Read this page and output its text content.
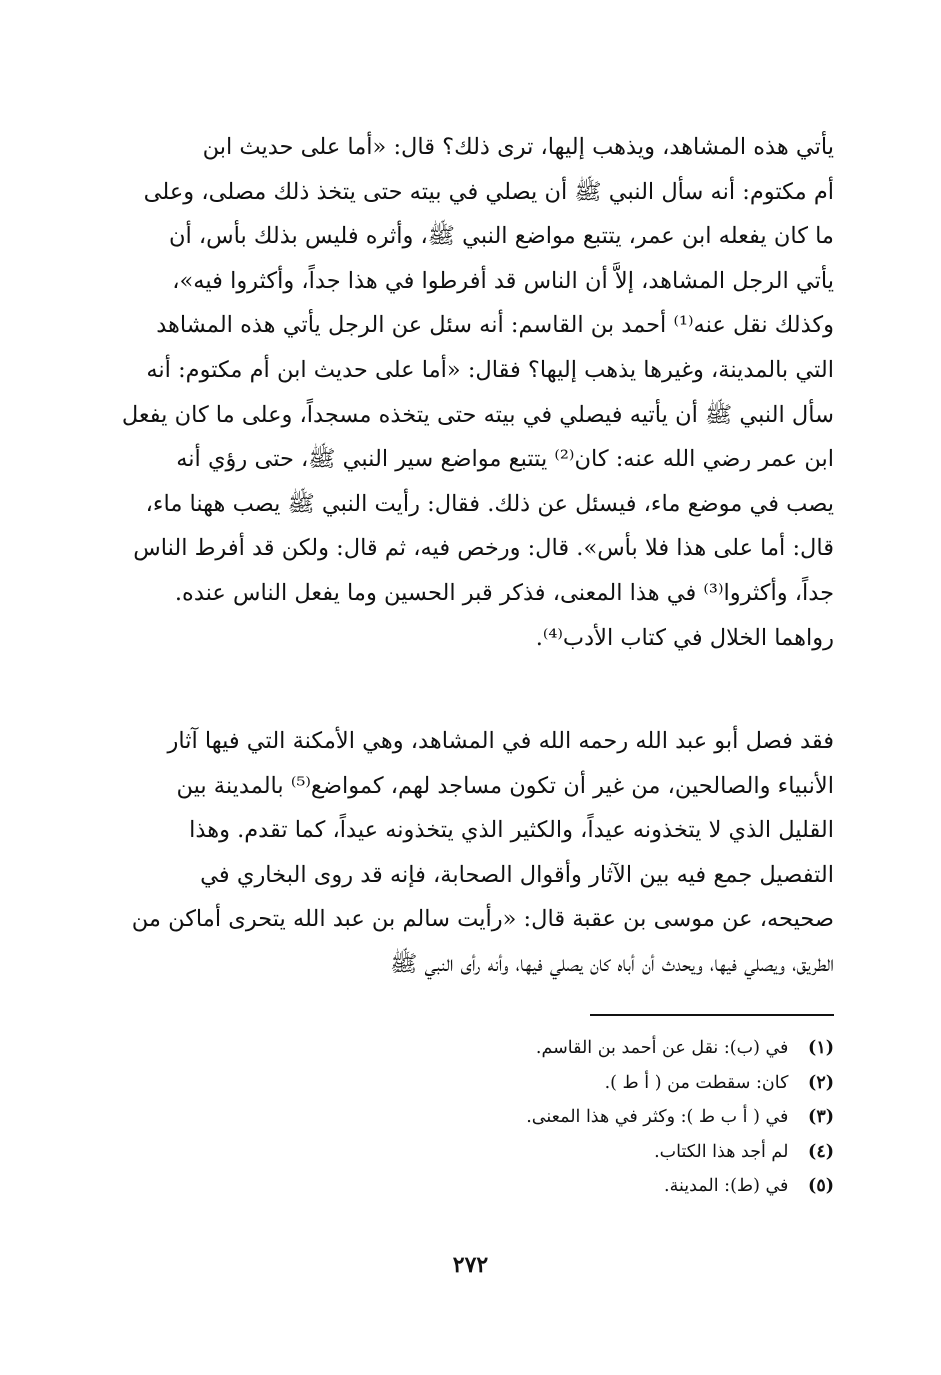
يأتي هذه المشاهد، ويذهب إليها، ترى ذلك؟ قال: «أما على حديث ابن
أم مكتوم: أنه سأل النبي ﷺ أن يصلي في بيته حتى يتخذ ذلك مصلى، وعلى
ما كان يفعله ابن عمر، يتتبع مواضع النبي ﷺ، وأثره فليس بذلك بأس، أن
يأتي الرجل المشاهد، إلاَّ أن الناس قد أفرطوا في هذا جداً، وأكثروا فيه»،
وكذلك نقل عنه⁽¹⁾ أحمد بن القاسم: أنه سئل عن الرجل يأتي هذه المشاهد
التي بالمدينة، وغيرها يذهب إليها؟ فقال: «أما على حديث ابن أم مكتوم: أنه
سأل النبي ﷺ أن يأتيه فيصلي في بيته حتى يتخذه مسجداً، وعلى ما كان يفعل
ابن عمر رضي الله عنه: كان⁽²⁾ يتتبع مواضع سير النبي ﷺ، حتى رؤي أنه
يصب في موضع ماء، فيسئل عن ذلك. فقال: رأيت النبي ﷺ يصب ههنا ماء،
قال: أما على هذا فلا بأس». قال: ورخص فيه، ثم قال: ولكن قد أفرط الناس
جداً، وأكثروا⁽³⁾ في هذا المعنى، فذكر قبر الحسين وما يفعل الناس عنده.
رواهما الخلال في كتاب الأدب⁽⁴⁾.
فقد فصل أبو عبد الله رحمه الله في المشاهد، وهي الأمكنة التي فيها آثار
الأنبياء والصالحين، من غير أن تكون مساجد لهم، كمواضع⁽⁵⁾ بالمدينة بين
القليل الذي لا يتخذونه عيداً، والكثير الذي يتخذونه عيداً، كما تقدم. وهذا
التفصيل جمع فيه بين الآثار وأقوال الصحابة، فإنه قد روى البخاري في
صحيحه، عن موسى بن عقبة قال: «رأيت سالم بن عبد الله يتحرى أماكن من
الطريق، ويصلي فيها، ويحدث أن أباه كان يصلي فيها، وأنه رأى النبي ﷺ
(١) في (ب): نقل عن أحمد بن القاسم.
(٢) كان: سقطت من ( أ ط ).
(٣) في ( أ ب ط ): وكثر في هذا المعنى.
(٤) لم أجد هذا الكتاب.
(٥) في (ط): المدينة.
٢٧٢
